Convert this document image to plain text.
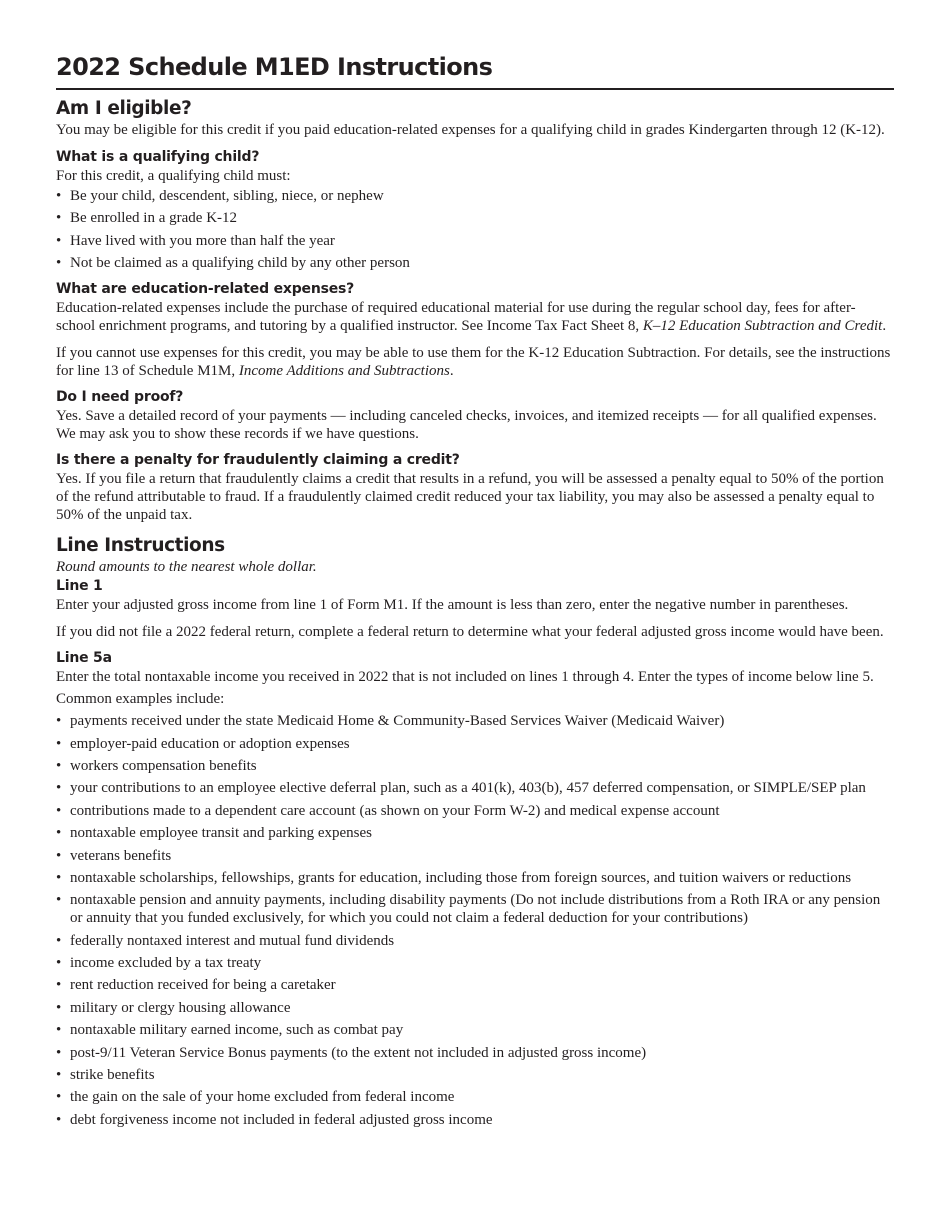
2022 Schedule M1ED Instructions
Am I eligible?

You may be eligible for this credit if you paid education-related expenses for a qualifying child in grades Kindergarten through 12 (K-12).

What is a qualifying child?

For this credit, a qualifying child must:

• Be your child, descendent, sibling, niece, or nephew
• Be enrolled in a grade K-12
• Have lived with you more than half the year
• Not be claimed as a qualifying child by any other person
What are education-related expenses?

Education-related expenses include the purchase of required educational material for use during the regular school day, fees for after-school enrichment programs, and tutoring by a qualified instructor. See Income Tax Fact Sheet 8, K–12 Education Subtraction and Credit.

If you cannot use expenses for this credit, you may be able to use them for the K-12 Education Subtraction. For details, see the instructions for line 13 of Schedule M1M, Income Additions and Subtractions.

Do I need proof?

Yes. Save a detailed record of your payments — including canceled checks, invoices, and itemized receipts — for all qualified expenses. We may ask you to show these records if we have questions.

Is there a penalty for fraudulently claiming a credit?

Yes. If you file a return that fraudulently claims a credit that results in a refund, you will be assessed a penalty equal to 50% of the portion of the refund attributable to fraud. If a fraudulently claimed credit reduced your tax liability, you may also be assessed a penalty equal to 50% of the unpaid tax.

Line Instructions

Round amounts to the nearest whole dollar.

Line 1

Enter your adjusted gross income from line 1 of Form M1. If the amount is less than zero, enter the negative number in parentheses.

If you did not file a 2022 federal return, complete a federal return to determine what your federal adjusted gross income would have been.

Line 5a

Enter the total nontaxable income you received in 2022 that is not included on lines 1 through 4. Enter the types of income below line 5.

Common examples include:

• payments received under the state Medicaid Home & Community-Based Services Waiver (Medicaid Waiver)
• employer-paid education or adoption expenses
• workers compensation benefits
• your contributions to an employee elective deferral plan, such as a 401(k), 403(b), 457 deferred compensation, or SIMPLE/SEP plan
• contributions made to a dependent care account (as shown on your Form W-2) and medical expense account
• nontaxable employee transit and parking expenses
• veterans benefits
• nontaxable scholarships, fellowships, grants for education, including those from foreign sources, and tuition waivers or reductions
• nontaxable pension and annuity payments, including disability payments (Do not include distributions from a Roth IRA or any pension or annuity that you funded exclusively, for which you could not claim a federal deduction for your contributions)
• federally nontaxed interest and mutual fund dividends
• income excluded by a tax treaty
• rent reduction received for being a caretaker
• military or clergy housing allowance
• nontaxable military earned income, such as combat pay
• post-9/11 Veteran Service Bonus payments (to the extent not included in adjusted gross income)
• strike benefits
• the gain on the sale of your home excluded from federal income
• debt forgiveness income not included in federal adjusted gross income
